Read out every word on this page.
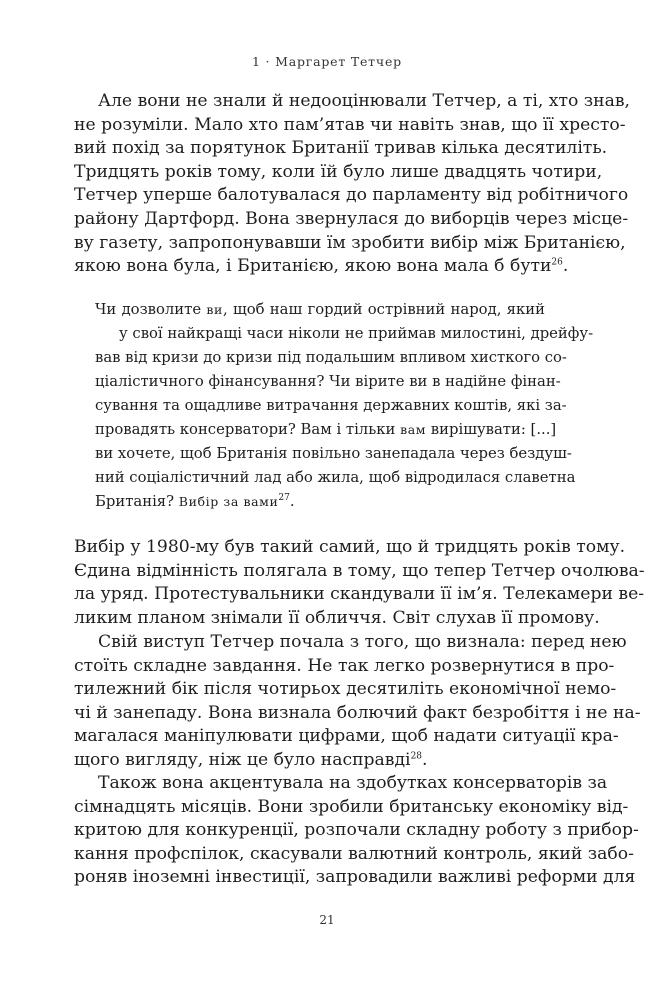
1 · Маргарет Тетчер
Але вони не знали й недооцінювали Тетчер, а ті, хто знав,
не розуміли. Мало хто пам’ятав чи навіть знав, що її хресто-
вий похід за порятунок Британії тривав кілька десятиліть.
Тридцять років тому, коли їй було лише двадцять чотири,
Тетчер уперше балотувалася до парламенту від робітничого
району Дартфорд. Вона звернулася до виборців через місце-
ву газету, запропонувавши їм зробити вибір між Британією,
якою вона була, і Британією, якою вона мала б бути$^{26}$.
Чи дозволите ви, щоб наш гордий острівний народ, який
у свої найкращі часи ніколи не приймав милостині, дрейфу-
вав від кризи до кризи під подальшим впливом хисткого со-
ціалістичного фінансування? Чи вірите ви в надійне фінан-
сування та ощадливе витрачання державних коштів, які за-
провадять консерватори? Вам і тільки вам вирішувати: [...]
ви хочете, щоб Британія повільно занепадала через бездуш-
ний соціалістичний лад або жила, щоб відродилася славетна
Британія? Вибір за вами$^{27}$.
Вибір у 1980-му був такий самий, що й тридцять років тому.
Єдина відмінність полягала в тому, що тепер Тетчер очолюва-
ла уряд. Протестувальники скандували її ім’я. Телекамери ве-
ликим планом знімали її обличчя. Світ слухав її промову.
Свій виступ Тетчер почала з того, що визнала: перед нею
стоїть складне завдання. Не так легко розвернутися в про-
тилежний бік після чотирьох десятиліть економічної немо-
чі й занепаду. Вона визнала болючий факт безробіття і не на-
магалася маніпулювати цифрами, щоб надати ситуації кра-
щого вигляду, ніж це було насправді$^{28}$.
Також вона акцентувала на здобутках консерваторів за
сімнадцять місяців. Вони зробили британську економіку від-
критою для конкуренції, розпочали складну роботу з прибор-
кання профспілок, скасували валютний контроль, який забо-
роняв іноземні інвестиції, запровадили важливі реформи для
21
